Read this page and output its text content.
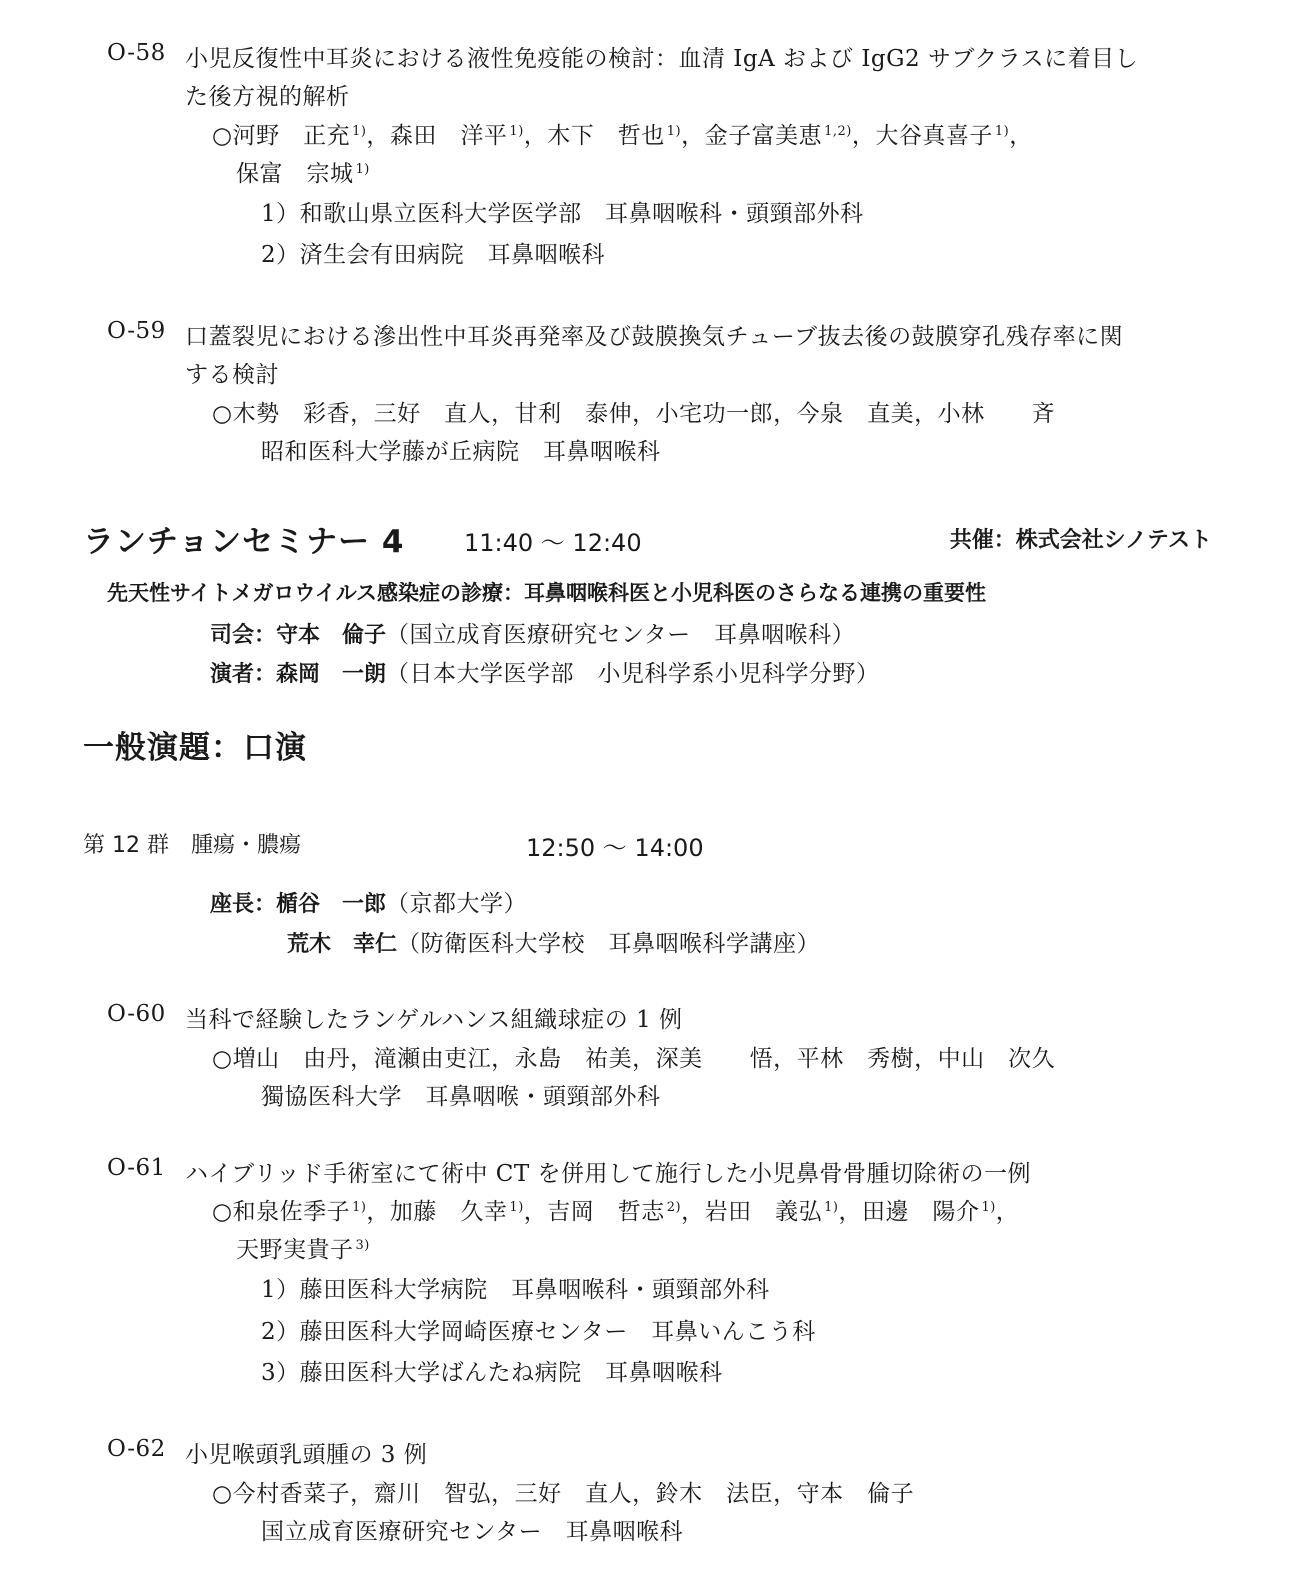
O-58 小児反復性中耳炎における液性免疫能の検討：血清 IgA および IgG2 サブクラスに着目し
た後方視的解析
○河野　正充 $^{1)}$，森田　洋平 $^{1)}$，木下　哲也 $^{1)}$，金子富美恵 $^{1,2)}$，大谷真喜子 $^{1)}$，
保富　宗城 $^{1)}$
1）和歌山県立医科大学医学部　耳鼻咽喉科・頭頸部外科
2）済生会有田病院　耳鼻咽喉科
O-59 口蓋裂児における滲出性中耳炎再発率及び鼓膜換気チューブ抜去後の鼓膜穿孔残存率に関
する検討
○木勢　彩香，三好　直人，甘利　泰伸，小宅功一郎，今泉　直美，小林　　斉
昭和医科大学藤が丘病院　耳鼻咽喉科
ランチョンセミナー 4 11:40 〜 12:40	共催：株式会社シノテスト
先天性サイトメガロウイルス感染症の診療：耳鼻咽喉科医と小児科医のさらなる連携の重要性
司会：守本　倫子（国立成育医療研究センター　耳鼻咽喉科）
演者：森岡　一朗（日本大学医学部　小児科学系小児科学分野）
一般演題：口演
第 12 群　腫瘍・膿瘍	12:50 〜 14:00
座長：楯谷　一郎（京都大学）
荒木　幸仁（防衛医科大学校　耳鼻咽喉科学講座）
O-60 当科で経験したランゲルハンス組織球症の 1 例
○増山　由丹，滝瀬由吏江，永島　祐美，深美　　悟，平林　秀樹，中山　次久
獨協医科大学　耳鼻咽喉・頭頸部外科
O-61 ハイブリッド手術室にて術中 CT を併用して施行した小児鼻骨骨腫切除術の一例
○和泉佐季子 $^{1)}$，加藤　久幸 $^{1)}$，吉岡　哲志 $^{2)}$，岩田　義弘 $^{1)}$，田邊　陽介 $^{1)}$，
天野実貴子 $^{3)}$
1）藤田医科大学病院　耳鼻咽喉科・頭頸部外科
2）藤田医科大学岡崎医療センター　耳鼻いんこう科
3）藤田医科大学ばんたね病院　耳鼻咽喉科
O-62 小児喉頭乳頭腫の 3 例
○今村香菜子，齋川　智弘，三好　直人，鈴木　法臣，守本　倫子
国立成育医療研究センター　耳鼻咽喉科
